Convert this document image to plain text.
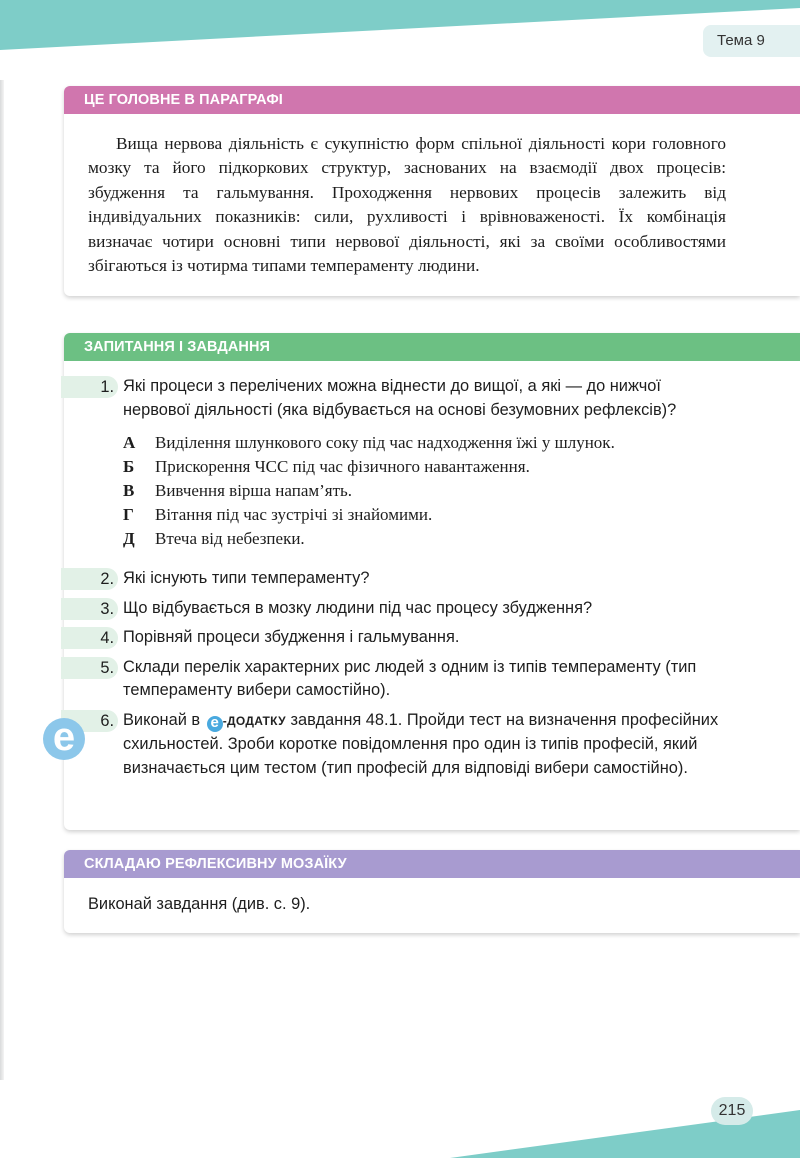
Тема 9
ЦЕ ГОЛОВНЕ В ПАРАГРАФІ

Вища нервова діяльність є сукупністю форм спільної діяльності кори головного мозку та його підкоркових структур, заснованих на взаємодії двох процесів: збудження та гальмування. Проходження нервових процесів залежить від індивідуальних показників: сили, рухливості і врівноваженості. Їх комбінація визначає чотири основні типи нервової діяльності, які за своїми особливостями збігаються із чотирма типами темпераменту людини.

ЗАПИТАННЯ І ЗАВДАННЯ
1. Які процеси з перелічених можна віднести до вищої, а які — до нижчої нервової діяльності (яка відбувається на основі безумовних рефлексів)?
А	Виділення шлункового соку під час надходження їжі у шлунок.
Б	Прискорення ЧСС під час фізичного навантаження.
В	Вивчення вірша напам’ять.
Г	Вітання під час зустрічі зі знайомими.
Д	Втеча від небезпеки.
2. Які існують типи темпераменту?
3. Що відбувається в мозку людини під час процесу збудження?
4. Порівняй процеси збудження і гальмування.
5. Склади перелік характерних рис людей з одним із типів темпераменту (тип темпераменту вибери самостійно).
6. Виконай в e -ДОДАТКУ завдання 48.1. Пройди тест на визначення професійних схильностей. Зроби коротке повідомлення про один із типів професій, який визначається цим тестом (тип професій для відповіді вибери самостійно).
e
СКЛАДАЮ РЕФЛЕКСИВНУ МОЗАЇКУ
Виконай завдання (див. с. 9).
215
